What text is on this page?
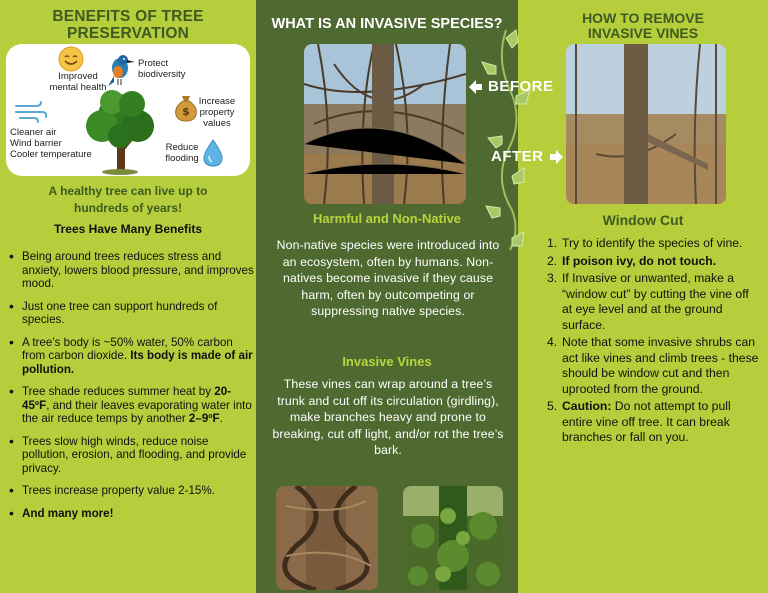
BENEFITS OF TREE
PRESERVATION
Improved
mental health
Protect
biodiversity
$
Increase
property
values
Cleaner air
Wind barrier
Cooler temperature
Reduce
flooding
A healthy tree can live up to
hundreds of years!
Trees Have Many Benefits
• Being around trees reduces stress and anxiety, lowers blood pressure, and improves mood.
• Just one tree can support hundreds of species.
• A tree’s body is ~50% water, 50% carbon from carbon dioxide. Its body is made of air pollution.
• Tree shade reduces summer heat by 20-45ºF, and their leaves evaporating water into the air reduce temps by another 2–9ºF.
• Trees slow high winds, reduce noise pollution, erosion, and flooding, and provide privacy.
• Trees increase property value 2-15%.
• And many more!
WHAT IS AN INVASIVE SPECIES?
BEFORE
AFTER
Harmful and Non-Native
Non-native species were introduced into an ecosystem, often by humans. Non-natives become invasive if they cause harm, often by outcompeting or suppressing native species.
Invasive Vines
These vines can wrap around a tree’s trunk and cut off its circulation (girdling), make branches heavy and prone to breaking, cut off light, and/or rot the tree’s bark.
HOW TO REMOVE
INVASIVE VINES
Window Cut
1. Try to identify the species of vine.
2. If poison ivy, do not touch.
3. If Invasive or unwanted, make a “window cut” by cutting the vine off at eye level and at the ground surface.
4. Note that some invasive shrubs can act like vines and climb trees - these should be window cut and then uprooted from the ground.
5. Caution: Do not attempt to pull entire vine off tree. It can break branches or fall on you.
